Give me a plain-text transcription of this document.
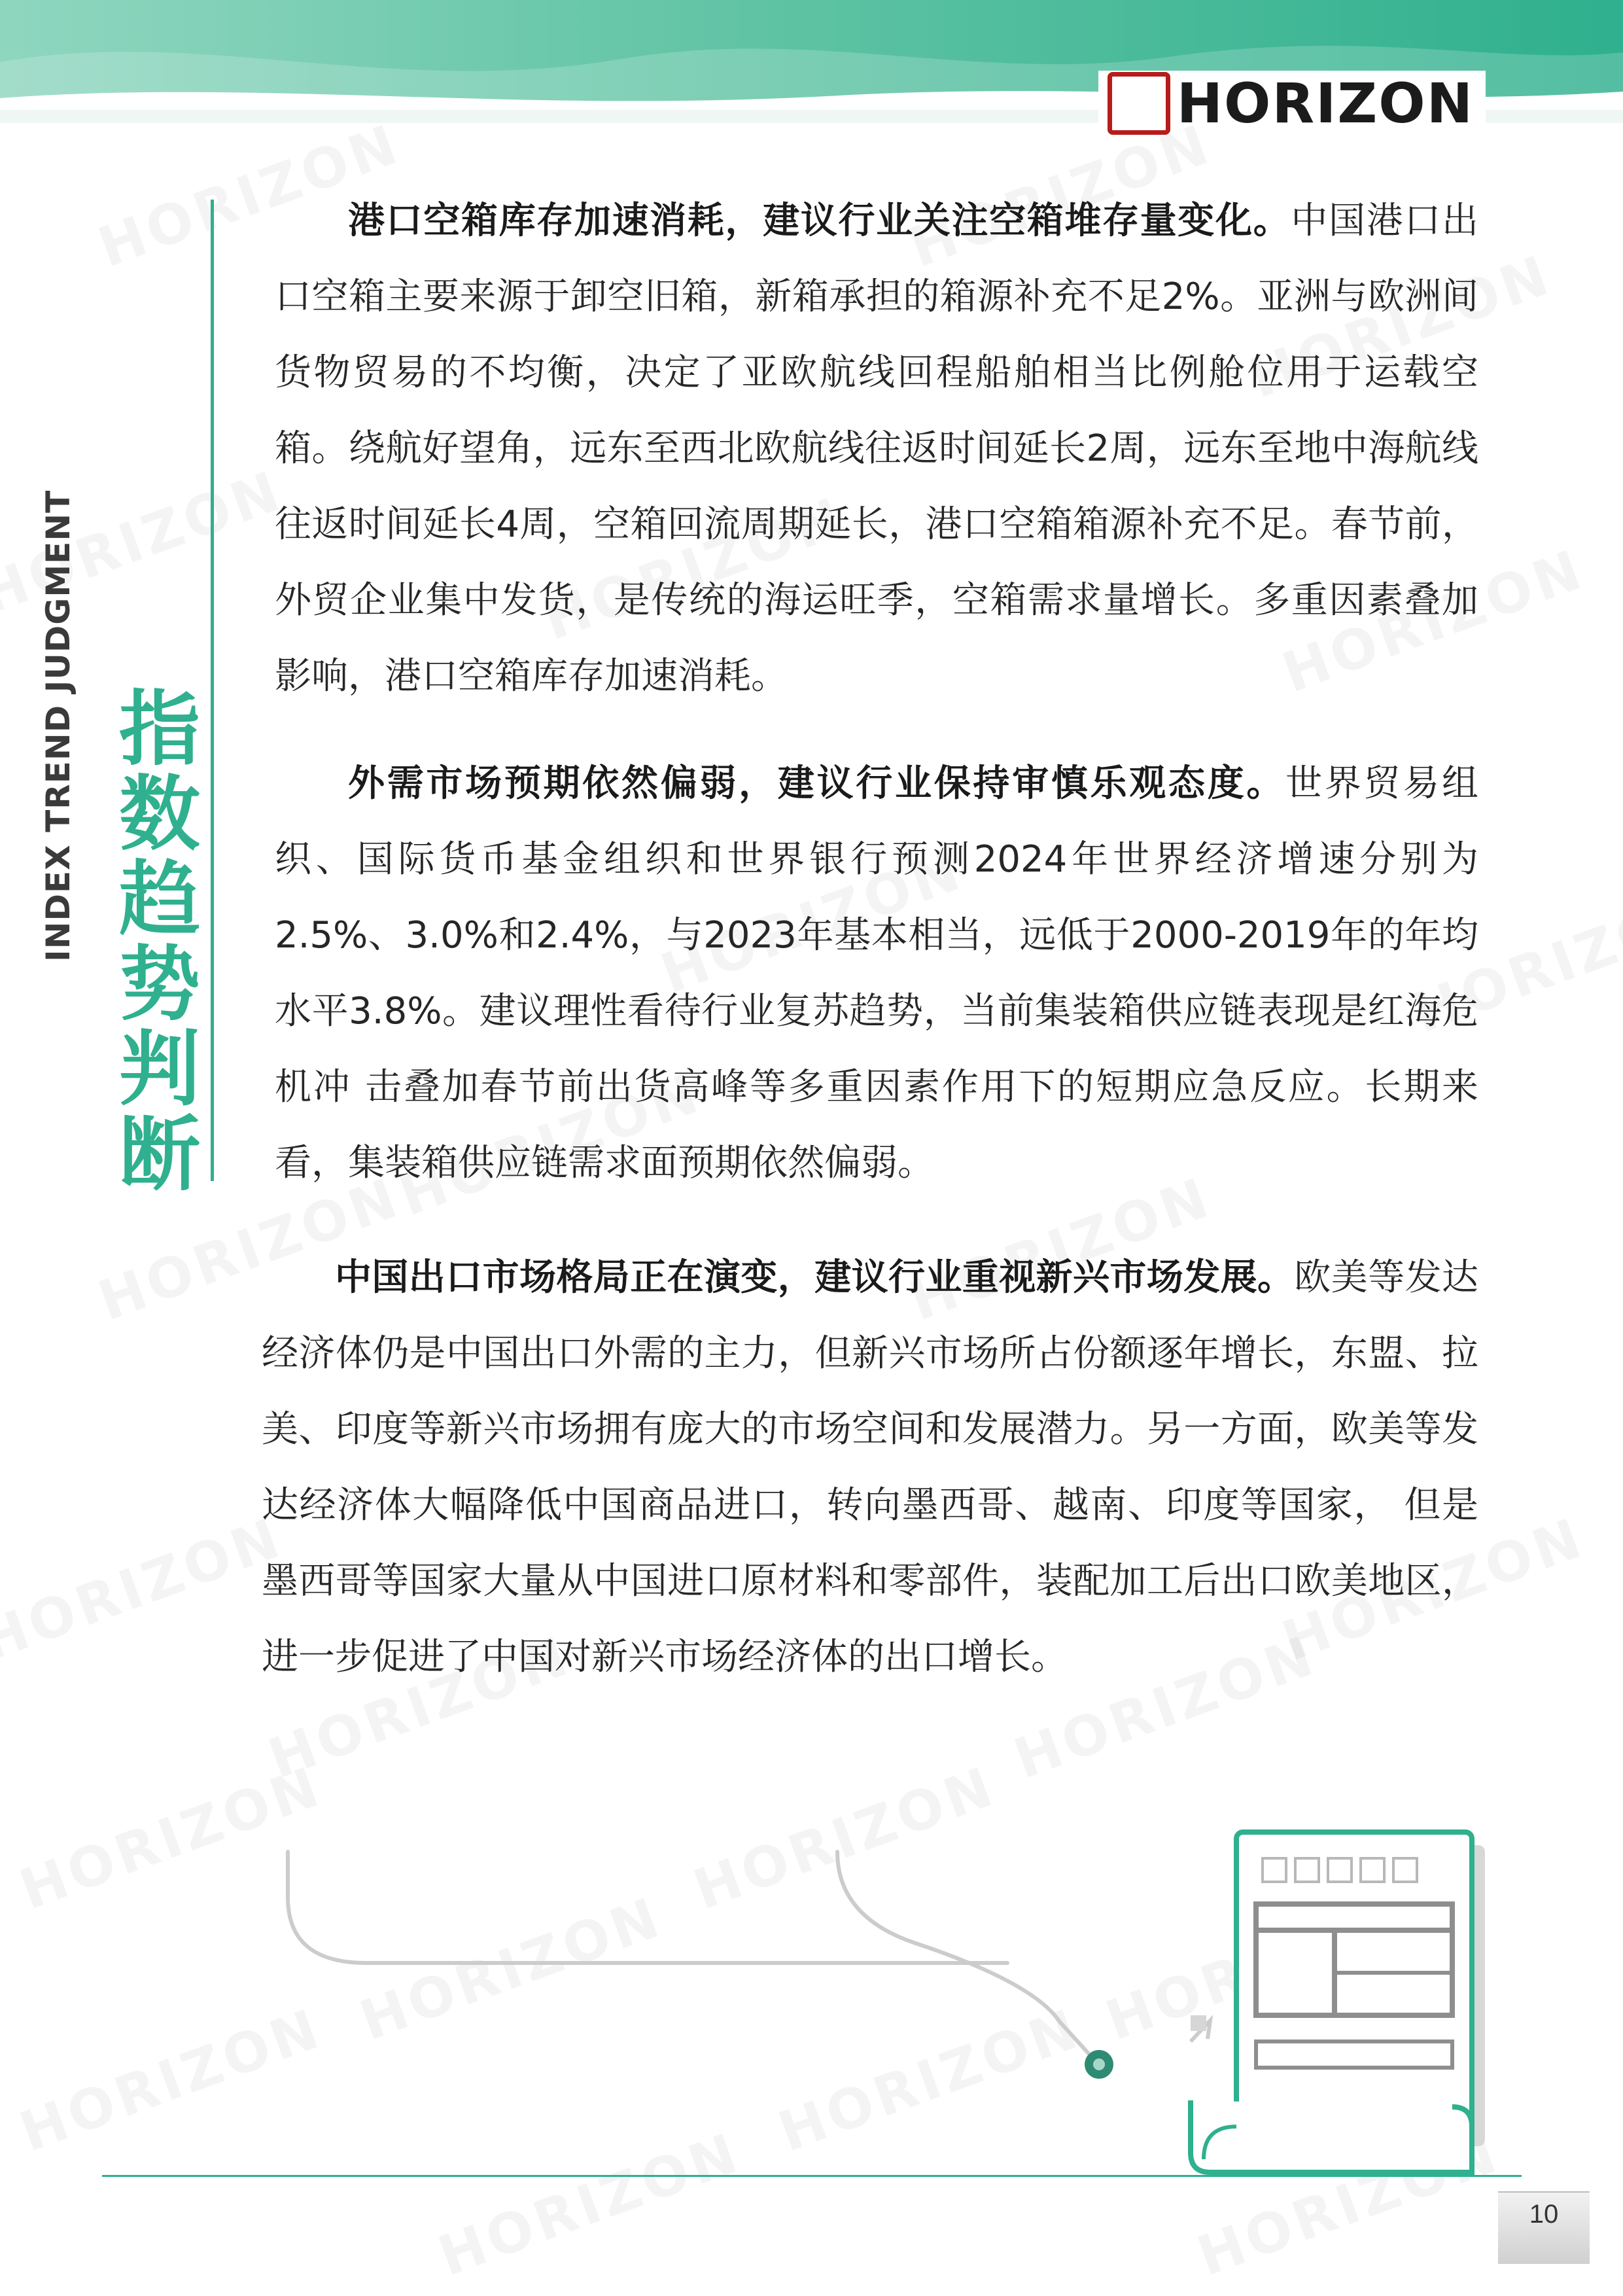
HORIZON
INDEX TREND JUDGMENT 指
数
趋
势
判
断

港口空箱库存加速消耗，建议行业关注空箱堆存量变化。中国港口出口空箱主要来源于卸空旧箱，新箱承担的箱源补充不足2%。亚洲与欧洲间货物贸易的不均衡，决定了亚欧航线回程船舶相当比例舱位用于运载空箱。绕航好望角，远东至西北欧航线往返时间延长2周，远东至地中海航线往返时间延长4周，空箱回流周期延长，港口空箱箱源补充不足。春节前，外贸企业集中发货，是传统的海运旺季，空箱需求量增长。多重因素叠加影响，港口空箱库存加速消耗。

外需市场预期依然偏弱，建议行业保持审慎乐观态度。世界贸易组织、国际货币基金组织和世界银行预测2024年世界经济增速分别为2.5%、3.0%和2.4%，与2023年基本相当，远低于2000-2019年的年均水平3.8%。建议理性看待行业复苏趋势，当前集装箱供应链表现是红海危机冲 击叠加春节前出货高峰等多重因素作用下的短期应急反应。长期来看，集装箱供应链需求面预期依然偏弱。

中国出口市场格局正在演变，建议行业重视新兴市场发展。欧美等发达经济体仍是中国出口外需的主力，但新兴市场所占份额逐年增长，东盟、拉美、印度等新兴市场拥有庞大的市场空间和发展潜力。另一方面，欧美等发达经济体大幅降低中国商品进口，转向墨西哥、越南、印度等国家， 但是墨西哥等国家大量从中国进口原材料和零部件，装配加工后出口欧美地区，进一步促进了中国对新兴市场经济体的出口增长。

10
